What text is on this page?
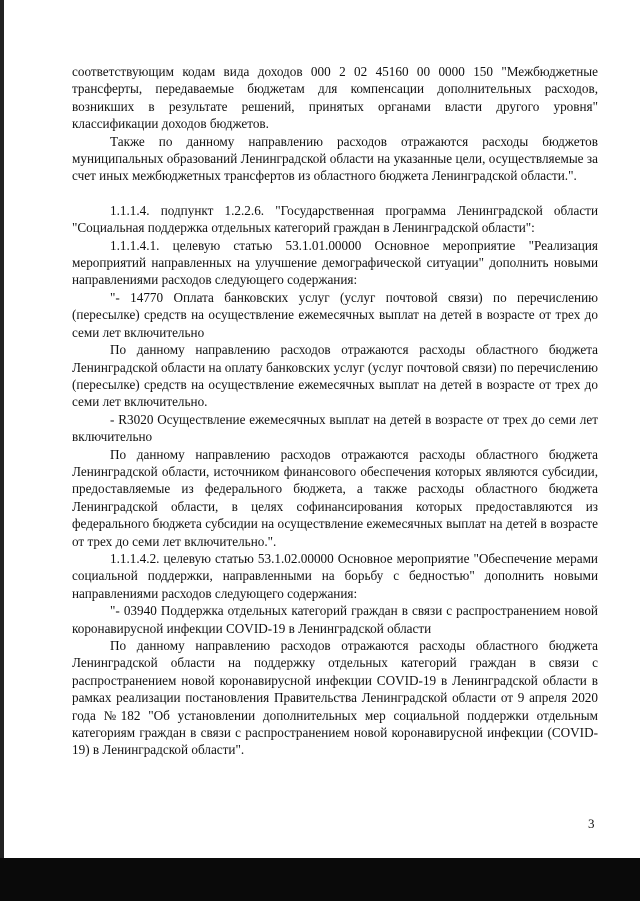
соответствующим кодам вида доходов 000 2 02 45160 00 0000 150 "Межбюджетные трансферты, передаваемые бюджетам для компенсации дополнительных расходов, возникших в результате решений, принятых органами власти другого уровня" классификации доходов бюджетов.

Также по данному направлению расходов отражаются расходы бюджетов муниципальных образований Ленинградской области на указанные цели, осуществляемые за счет иных межбюджетных трансфертов из областного бюджета Ленинградской области.".

1.1.1.4. подпункт 1.2.2.6. "Государственная программа Ленинградской области "Социальная поддержка отдельных категорий граждан в Ленинградской области":

1.1.1.4.1. целевую статью 53.1.01.00000 Основное мероприятие "Реализация мероприятий направленных на улучшение демографической ситуации" дополнить новыми направлениями расходов следующего содержания:

"- 14770 Оплата банковских услуг (услуг почтовой связи) по перечислению (пересылке) средств на осуществление ежемесячных выплат на детей в возрасте от трех до семи лет включительно

По данному направлению расходов отражаются расходы областного бюджета Ленинградской области на оплату банковских услуг (услуг почтовой связи) по перечислению (пересылке) средств на осуществление ежемесячных выплат на детей в возрасте от трех до семи лет включительно.

- R3020 Осуществление ежемесячных выплат на детей в возрасте от трех до семи лет включительно

По данному направлению расходов отражаются расходы областного бюджета Ленинградской области, источником финансового обеспечения которых являются субсидии, предоставляемые из федерального бюджета, а также расходы областного бюджета Ленинградской области, в целях софинансирования которых предоставляются из федерального бюджета субсидии на осуществление ежемесячных выплат на детей в возрасте от трех до семи лет включительно.".

1.1.1.4.2. целевую статью 53.1.02.00000 Основное мероприятие "Обеспечение мерами социальной поддержки, направленными на борьбу с бедностью" дополнить новыми направлениями расходов следующего содержания:

"- 03940 Поддержка отдельных категорий граждан в связи с распространением новой коронавирусной инфекции COVID-19 в Ленинградской области

По данному направлению расходов отражаются расходы областного бюджета Ленинградской области на поддержку отдельных категорий граждан в связи с распространением новой коронавирусной инфекции COVID-19 в Ленинградской области в рамках реализации постановления Правительства Ленинградской области от 9 апреля 2020 года №182 "Об установлении дополнительных мер социальной поддержки отдельным категориям граждан в связи с распространением новой коронавирусной инфекции (COVID-19) в Ленинградской области".

3
